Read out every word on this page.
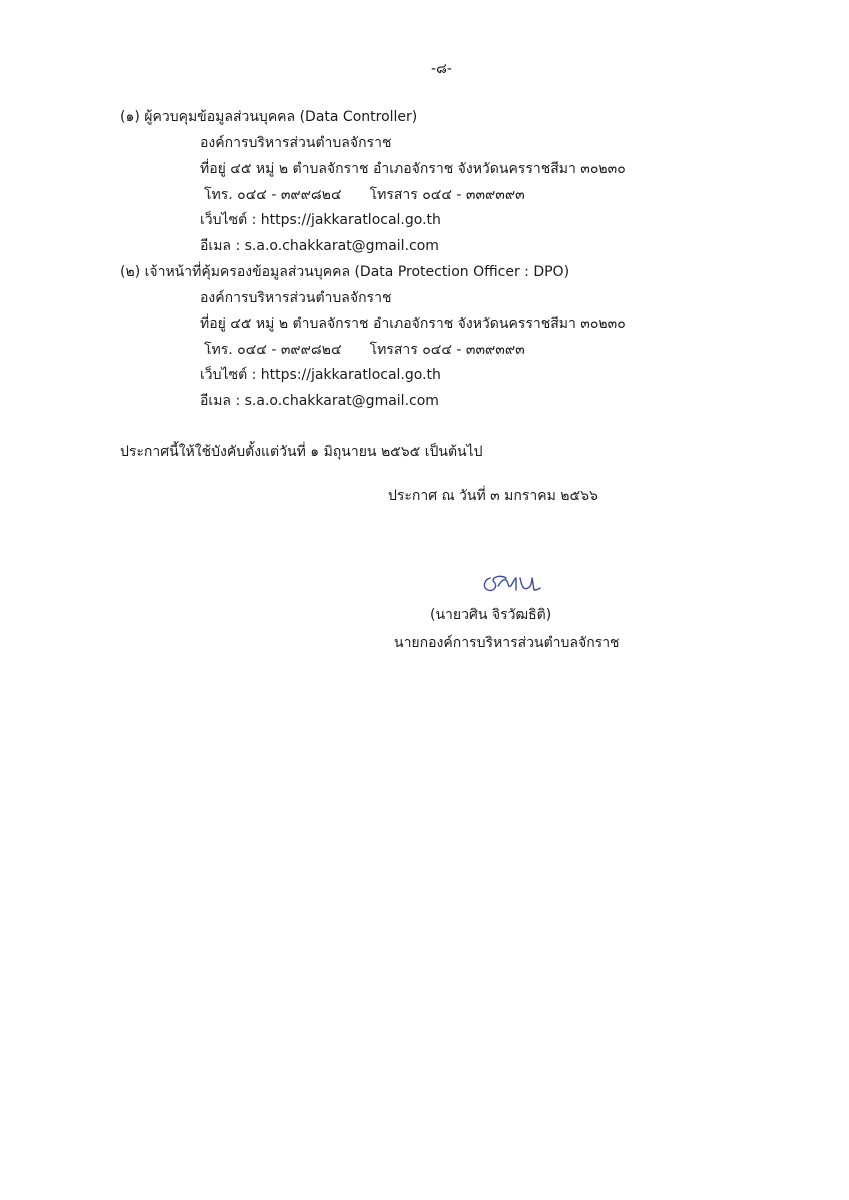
-๘-
(๑) ผู้ควบคุมข้อมูลส่วนบุคคล (Data Controller)
องค์การบริหารส่วนตำบลจักราช
ที่อยู่ ๔๕ หมู่ ๒ ตำบลจักราช อำเภอจักราช จังหวัดนครราชสีมา ๓๐๒๓๐
โทร. ๐๔๔ - ๓๙๙๘๒๔ โทรสาร ๐๔๔ - ๓๓๙๓๙๓
เว็บไซต์ : https://jakkaratlocal.go.th
อีเมล : s.a.o.chakkarat@gmail.com
(๒) เจ้าหน้าที่คุ้มครองข้อมูลส่วนบุคคล (Data Protection Officer : DPO)
องค์การบริหารส่วนตำบลจักราช
ที่อยู่ ๔๕ หมู่ ๒ ตำบลจักราช อำเภอจักราช จังหวัดนครราชสีมา ๓๐๒๓๐
โทร. ๐๔๔ - ๓๙๙๘๒๔ โทรสาร ๐๔๔ - ๓๓๙๓๙๓
เว็บไซต์ : https://jakkaratlocal.go.th
อีเมล : s.a.o.chakkarat@gmail.com
ประกาศนี้ให้ใช้บังคับตั้งแต่วันที่ ๑ มิถุนายน ๒๕๖๕ เป็นต้นไป
ประกาศ ณ วันที่ ๓ มกราคม ๒๕๖๖
(นายวศิน จิรวัฒธิติ)
นายกองค์การบริหารส่วนตำบลจักราช
